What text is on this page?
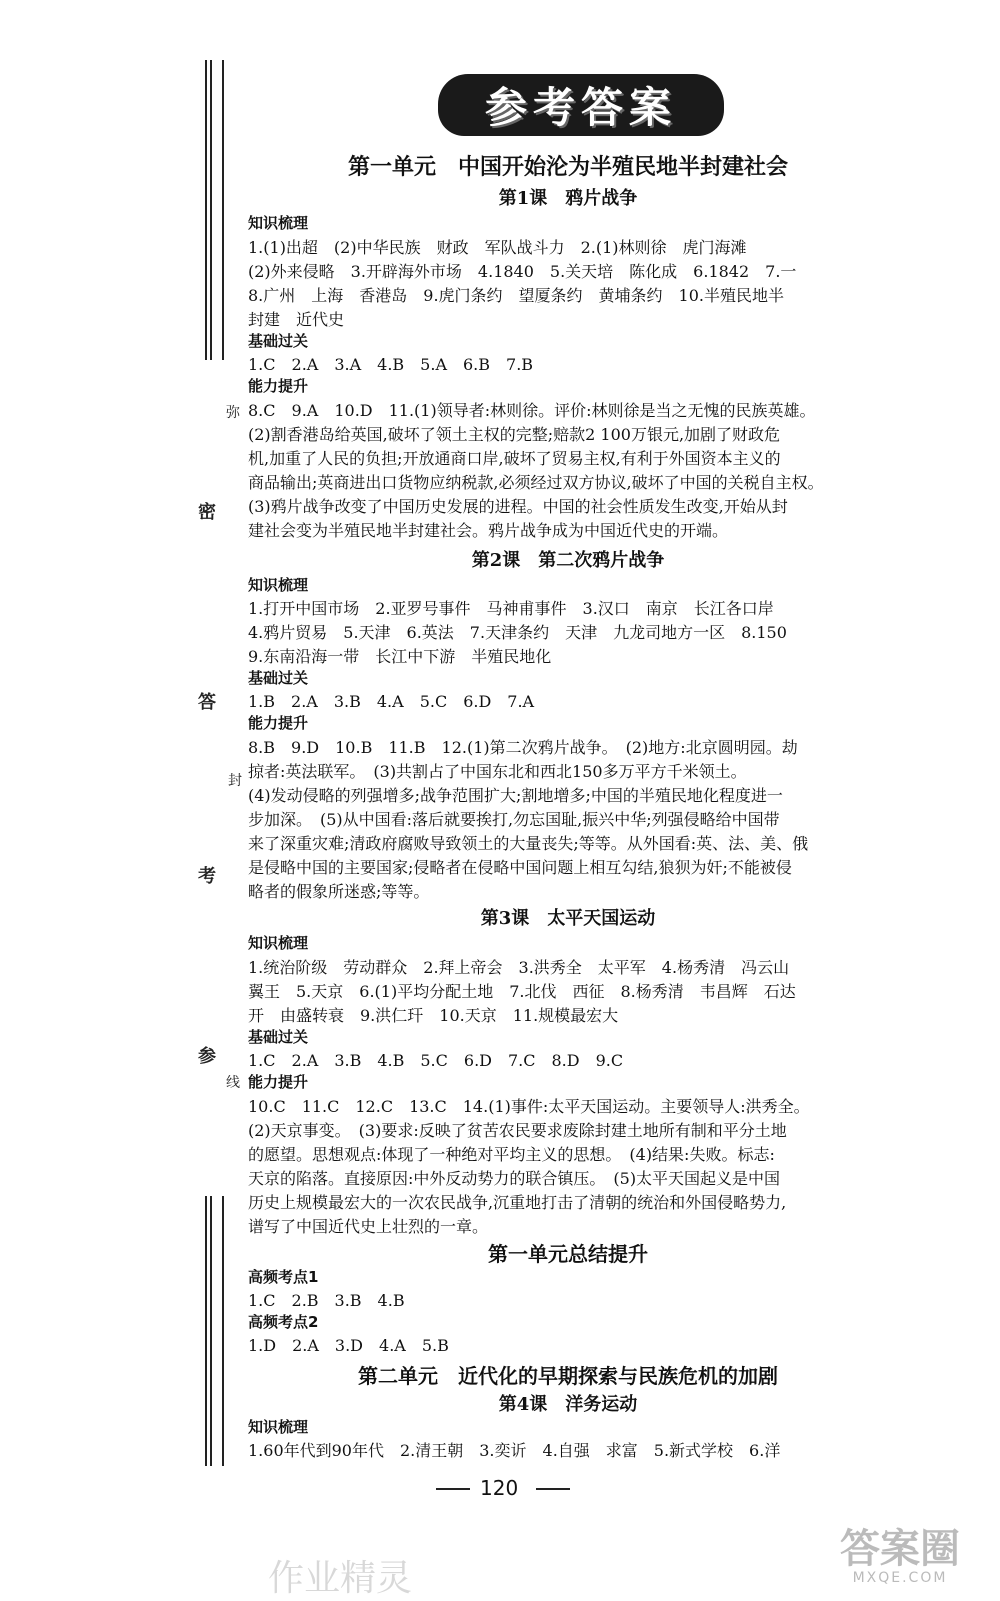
弥
密
答
封
考
线
参
参考答案
第一单元　中国开始沦为半殖民地半封建社会
第1课　鸦片战争
知识梳理
1.(1)出超　(2)中华民族　财政　军队战斗力　2.(1)林则徐　虎门海滩
(2)外来侵略　3.开辟海外市场　4.1840　5.关天培　陈化成　6.1842　7.一
8.广州　上海　香港岛　9.虎门条约　望厦条约　黄埔条约　10.半殖民地半
封建　近代史
基础过关
1.C　2.A　3.A　4.B　5.A　6.B　7.B
能力提升
8.C　9.A　10.D　11.(1)领导者:林则徐。评价:林则徐是当之无愧的民族英雄。
(2)割香港岛给英国,破坏了领土主权的完整;赔款2 100万银元,加剧了财政危
机,加重了人民的负担;开放通商口岸,破坏了贸易主权,有利于外国资本主义的
商品输出;英商进出口货物应纳税款,必须经过双方协议,破坏了中国的关税自主权。
(3)鸦片战争改变了中国历史发展的进程。中国的社会性质发生改变,开始从封
建社会变为半殖民地半封建社会。鸦片战争成为中国近代史的开端。
第2课　第二次鸦片战争
知识梳理
1.打开中国市场　2.亚罗号事件　马神甫事件　3.汉口　南京　长江各口岸
4.鸦片贸易　5.天津　6.英法　7.天津条约　天津　九龙司地方一区　8.150
9.东南沿海一带　长江中下游　半殖民地化
基础过关
1.B　2.A　3.B　4.A　5.C　6.D　7.A
能力提升
8.B　9.D　10.B　11.B　12.(1)第二次鸦片战争。　(2)地方:北京圆明园。劫
掠者:英法联军。　(3)共割占了中国东北和西北150多万平方千米领土。
(4)发动侵略的列强增多;战争范围扩大;割地增多;中国的半殖民地化程度进一
步加深。　(5)从中国看:落后就要挨打,勿忘国耻,振兴中华;列强侵略给中国带
来了深重灾难;清政府腐败导致领土的大量丧失;等等。从外国看:英、法、美、俄
是侵略中国的主要国家;侵略者在侵略中国问题上相互勾结,狼狈为奸;不能被侵
略者的假象所迷惑;等等。
第3课　太平天国运动
知识梳理
1.统治阶级　劳动群众　2.拜上帝会　3.洪秀全　太平军　4.杨秀清　冯云山
翼王　5.天京　6.(1)平均分配土地　7.北伐　西征　8.杨秀清　韦昌辉　石达
开　由盛转衰　9.洪仁玕　10.天京　11.规模最宏大
基础过关
1.C　2.A　3.B　4.B　5.C　6.D　7.C　8.D　9.C
能力提升
10.C　11.C　12.C　13.C　14.(1)事件:太平天国运动。主要领导人:洪秀全。
(2)天京事变。　(3)要求:反映了贫苦农民要求废除封建土地所有制和平分土地
的愿望。思想观点:体现了一种绝对平均主义的思想。　(4)结果:失败。标志:
天京的陷落。直接原因:中外反动势力的联合镇压。　(5)太平天国起义是中国
历史上规模最宏大的一次农民战争,沉重地打击了清朝的统治和外国侵略势力,
谱写了中国近代史上壮烈的一章。
第一单元总结提升
高频考点1
1.C　2.B　3.B　4.B
高频考点2
1.D　2.A　3.D　4.A　5.B
第二单元　近代化的早期探索与民族危机的加剧
第4课　洋务运动
知识梳理
1.60年代到90年代　2.清王朝　3.奕䜣　4.自强　求富　5.新式学校　6.洋
120
作业精灵
答案圈
MXQE.COM
